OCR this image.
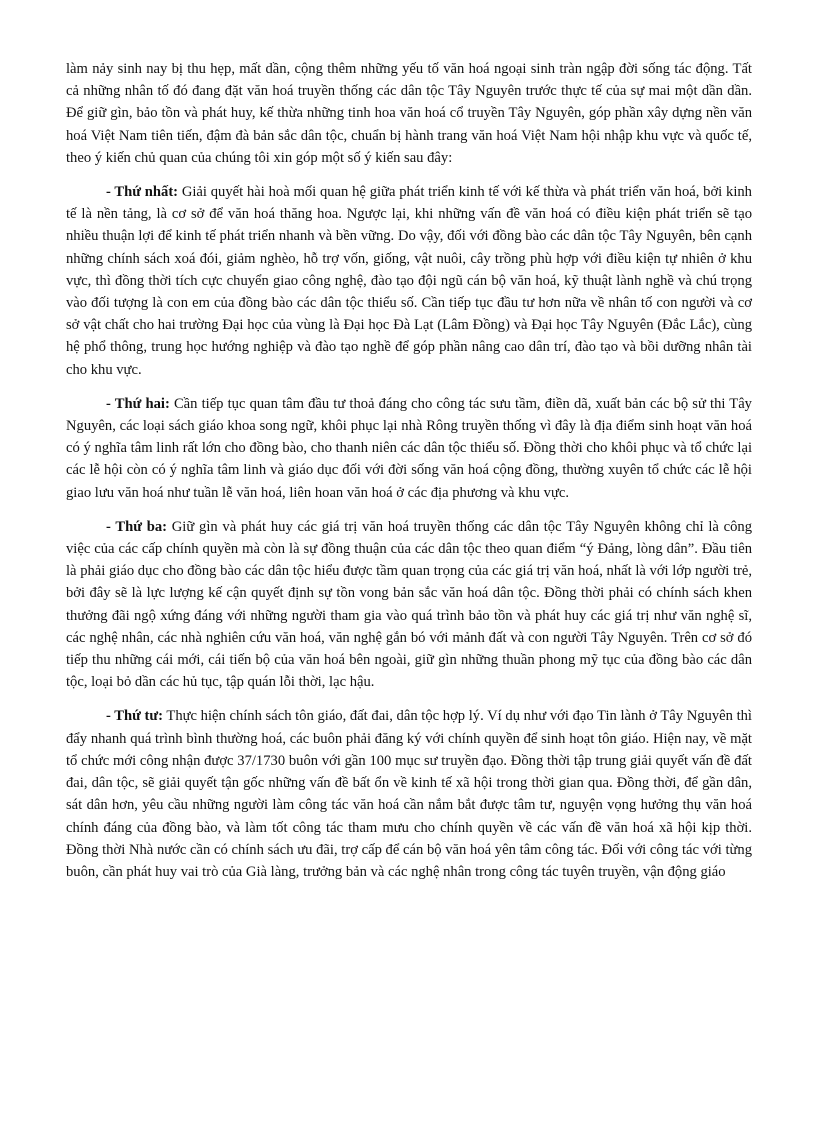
làm nảy sinh nay bị thu hẹp, mất dần, cộng thêm những yếu tố văn hoá ngoại sinh tràn ngập đời sống tác động. Tất cả những nhân tố đó đang đặt văn hoá truyền thống các dân tộc Tây Nguyên trước thực tế của sự mai một dần dần. Để giữ gìn, bảo tồn và phát huy, kế thừa những tinh hoa văn hoá cổ truyền Tây Nguyên, góp phần xây dựng nền văn hoá Việt Nam tiên tiến, đậm đà bản sắc dân tộc, chuẩn bị hành trang văn hoá Việt Nam hội nhập khu vực và quốc tế, theo ý kiến chủ quan của chúng tôi xin góp một số ý kiến sau đây:

- Thứ nhất: Giải quyết hài hoà mối quan hệ giữa phát triển kinh tế với kế thừa và phát triển văn hoá, bởi kinh tế là nền tảng, là cơ sở để văn hoá thăng hoa. Ngược lại, khi những vấn đề văn hoá có điều kiện phát triển sẽ tạo nhiều thuận lợi để kinh tế phát triển nhanh và bền vững. Do vậy, đối với đồng bào các dân tộc Tây Nguyên, bên cạnh những chính sách xoá đói, giảm nghèo, hỗ trợ vốn, giống, vật nuôi, cây trồng phù hợp với điều kiện tự nhiên ở khu vực, thì đồng thời tích cực chuyển giao công nghệ, đào tạo đội ngũ cán bộ văn hoá, kỹ thuật lành nghề và chú trọng vào đối tượng là con em của đồng bào các dân tộc thiểu số. Cần tiếp tục đầu tư hơn nữa về nhân tố con người và cơ sở vật chất cho hai trường Đại học của vùng là Đại học Đà Lạt (Lâm Đồng) và Đại học Tây Nguyên (Đắc Lắc), cùng hệ phổ thông, trung học hướng nghiệp và đào tạo nghề để góp phần nâng cao dân trí, đào tạo và bồi dưỡng nhân tài cho khu vực.

- Thứ hai: Cần tiếp tục quan tâm đầu tư thoả đáng cho công tác sưu tầm, điền dã, xuất bản các bộ sử thi Tây Nguyên, các loại sách giáo khoa song ngữ, khôi phục lại nhà Rông truyền thống vì đây là địa điểm sinh hoạt văn hoá có ý nghĩa tâm linh rất lớn cho đồng bào, cho thanh niên các dân tộc thiểu số. Đồng thời cho khôi phục và tổ chức lại các lễ hội còn có ý nghĩa tâm linh và giáo dục đối với đời sống văn hoá cộng đồng, thường xuyên tổ chức các lễ hội giao lưu văn hoá như tuần lễ văn hoá, liên hoan văn hoá ở các địa phương và khu vực.

- Thứ ba: Giữ gìn và phát huy các giá trị văn hoá truyền thống các dân tộc Tây Nguyên không chỉ là công việc của các cấp chính quyền mà còn là sự đồng thuận của các dân tộc theo quan điểm “ý Đảng, lòng dân”. Đầu tiên là phải giáo dục cho đồng bào các dân tộc hiểu được tầm quan trọng của các giá trị văn hoá, nhất là với lớp người trẻ, bởi đây sẽ là lực lượng kế cận quyết định sự tồn vong bản sắc văn hoá dân tộc. Đồng thời phải có chính sách khen thưởng đãi ngộ xứng đáng với những người tham gia vào quá trình bảo tồn và phát huy các giá trị như văn nghệ sĩ, các nghệ nhân, các nhà nghiên cứu văn hoá, văn nghệ gắn bó với mảnh đất và con người Tây Nguyên. Trên cơ sở đó tiếp thu những cái mới, cái tiến bộ của văn hoá bên ngoài, giữ gìn những thuần phong mỹ tục của đồng bào các dân tộc, loại bỏ dần các hủ tục, tập quán lỗi thời, lạc hậu.

- Thứ tư: Thực hiện chính sách tôn giáo, đất đai, dân tộc hợp lý. Ví dụ như với đạo Tin lành ở Tây Nguyên thì đẩy nhanh quá trình bình thường hoá, các buôn phải đăng ký với chính quyền để sinh hoạt tôn giáo. Hiện nay, về mặt tổ chức mới công nhận được 37/1730 buôn với gần 100 mục sư truyền đạo. Đồng thời tập trung giải quyết vấn đề đất đai, dân tộc, sẽ giải quyết tận gốc những vấn đề bất ổn về kinh tế xã hội trong thời gian qua. Đồng thời, để gần dân, sát dân hơn, yêu cầu những người làm công tác văn hoá cần nắm bắt được tâm tư, nguyện vọng hưởng thụ văn hoá chính đáng của đồng bào, và làm tốt công tác tham mưu cho chính quyền về các vấn đề văn hoá xã hội kịp thời. Đồng thời Nhà nước cần có chính sách ưu đãi, trợ cấp để cán bộ văn hoá yên tâm công tác. Đối với công tác với từng buôn, cần phát huy vai trò của Già làng, trưởng bản và các nghệ nhân trong công tác tuyên truyền, vận động giáo
